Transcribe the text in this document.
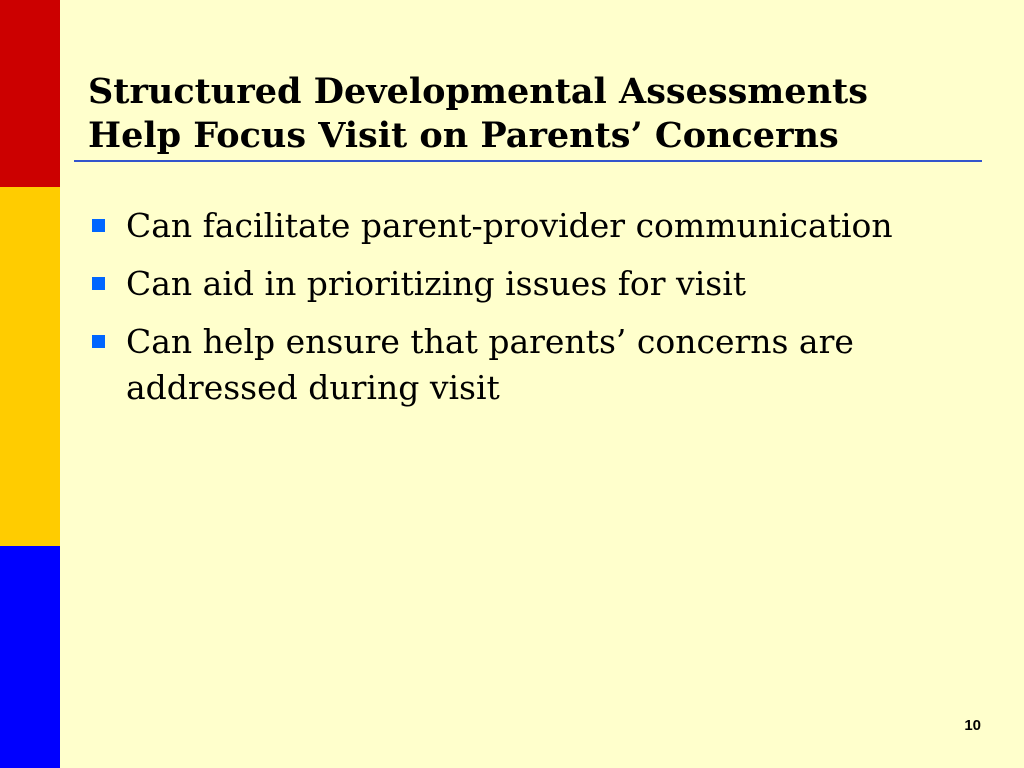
Structured Developmental Assessments
Help Focus Visit on Parents’ Concerns
Can facilitate parent-provider communication
Can aid in prioritizing issues for visit
Can help ensure that parents’ concerns are addressed during visit
10
